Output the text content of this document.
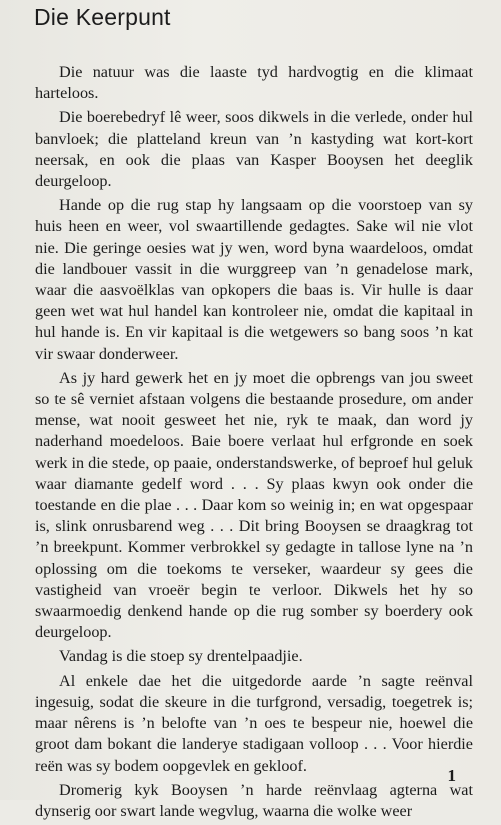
Die Keerpunt

Die natuur was die laaste tyd hardvogtig en die klimaat harteloos.

Die boerebedryf lê weer, soos dikwels in die verlede, onder hul banvloek; die platteland kreun van ’n kastyding wat kort-kort neersak, en ook die plaas van Kasper Booysen het deeglik deurgeloop.

Hande op die rug stap hy langsaam op die voorstoep van sy huis heen en weer, vol swaartillende gedagtes. Sake wil nie vlot nie. Die geringe oesies wat jy wen, word byna waardeloos, omdat die landbouer vassit in die wurggreep van ’n genadelose mark, waar die aasvoëlklas van opkopers die baas is. Vir hulle is daar geen wet wat hul handel kan kontroleer nie, omdat die kapitaal in hul hande is. En vir kapitaal is die wetgewers so bang soos ’n kat vir swaar donderweer.

As jy hard gewerk het en jy moet die opbrengs van jou sweet so te sê verniet afstaan volgens die bestaande prosedure, om ander mense, wat nooit gesweet het nie, ryk te maak, dan word jy naderhand moedeloos. Baie boere verlaat hul erfgronde en soek werk in die stede, op paaie, onderstandswerke, of beproef hul geluk waar diamante gedelf word . . . Sy plaas kwyn ook onder die toestande en die plae . . . Daar kom so weinig in; en wat opgespaar is, slink onrusbarend weg . . . Dit bring Booysen se draagkrag tot ’n breekpunt. Kommer verbrokkel sy gedagte in tallose lyne na ’n oplossing om die toekoms te verseker, waardeur sy gees die vastigheid van vroeër begin te verloor. Dikwels het hy so swaarmoedig denkend hande op die rug somber sy boerdery ook deurgeloop.

Vandag is die stoep sy drentelpaadjie.

Al enkele dae het die uitgedorde aarde ’n sagte reënval ingesuig, sodat die skeure in die turfgrond, versadig, toegetrek is; maar nêrens is ’n belofte van ’n oes te bespeur nie, hoewel die groot dam bokant die landerye stadigaan volloop . . . Voor hierdie reën was sy bodem oopgevlek en gekloof.

Dromerig kyk Booysen ’n harde reënvlaag agterna wat dynserig oor swart lande wegvlug, waarna die wolke weer

1
